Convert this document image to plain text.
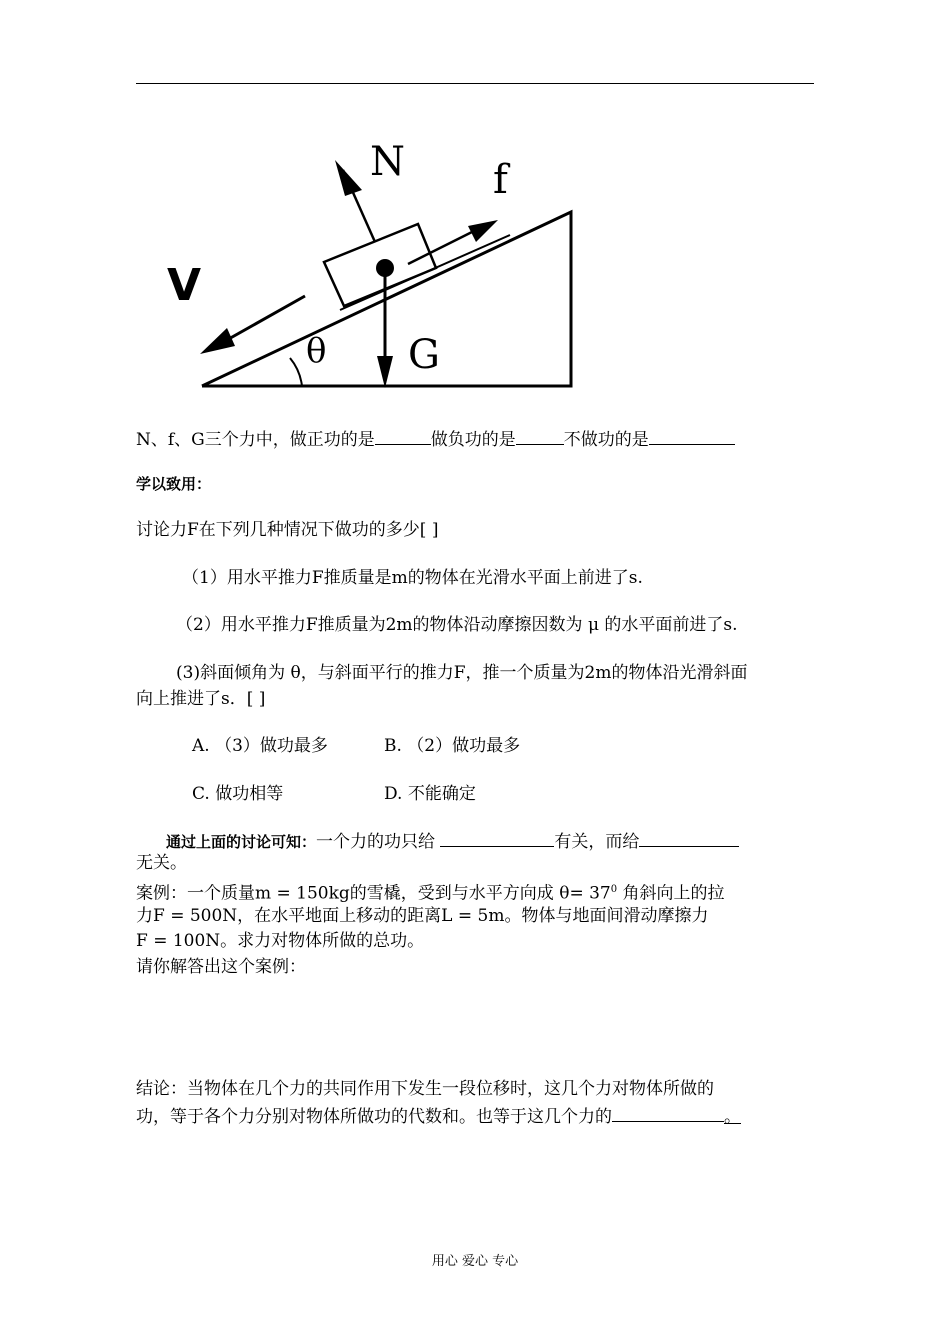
θ
N f
V
G
N、f、G三个力中，做正功的是	做负功的是	不做功的是
学以致用：
讨论力F在下列几种情况下做功的多少[ ]
（1）用水平推力F推质量是m的物体在光滑水平面上前进了s.
（2）用水平推力F推质量为2m的物体沿动摩擦因数为 μ 的水平面前进了s.
(3)斜面倾角为 θ，与斜面平行的推力F，推一个质量为2m的物体沿光滑斜面
向上推进了s．[ ]
A. （3）做功最多	B. （2）做功最多
C. 做功相等	D. 不能确定
通过上面的讨论可知：一个力的功只给	有关，而给
无关。
案例：一个质量m = 150kg的雪橇，受到与水平方向成 $\theta= 37^0$ 角斜向上的拉
力F = 500N，在水平地面上移动的距离L = 5m。物体与地面间滑动摩擦力
F = 100N。求力对物体所做的总功。
请你解答出这个案例：
结论：当物体在几个力的共同作用下发生一段位移时，这几个力对物体所做的
功，等于各个力分别对物体所做功的代数和。也等于这几个力的	。
用心 爱心 专心
